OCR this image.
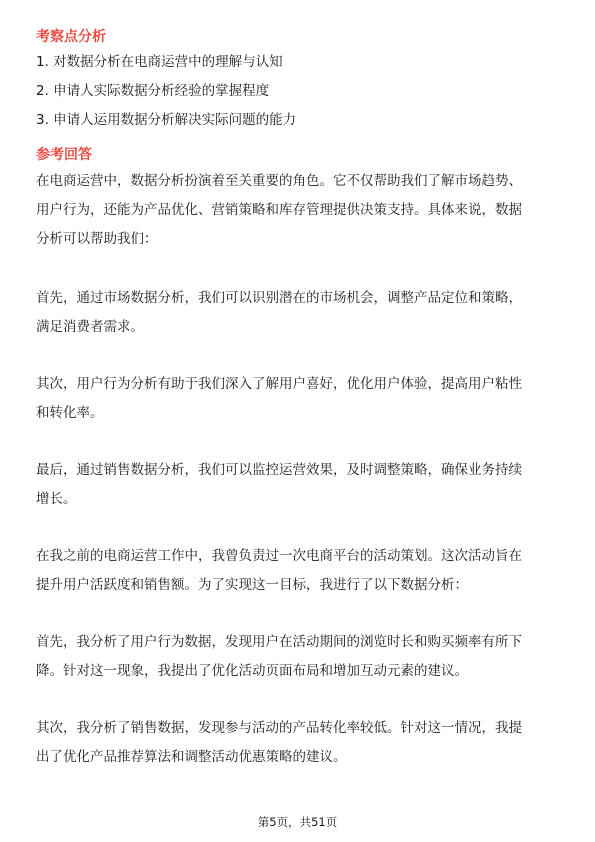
考察点分析

1. 对数据分析在电商运营中的理解与认知

2. 申请人实际数据分析经验的掌握程度

3. 申请人运用数据分析解决实际问题的能力

参考回答

在电商运营中，数据分析扮演着至关重要的角色。它不仅帮助我们了解市场趋势、

用户行为，还能为产品优化、营销策略和库存管理提供决策支持。具体来说，数据

分析可以帮助我们：

首先，通过市场数据分析，我们可以识别潜在的市场机会，调整产品定位和策略，

满足消费者需求。

其次，用户行为分析有助于我们深入了解用户喜好，优化用户体验，提高用户粘性

和转化率。

最后，通过销售数据分析，我们可以监控运营效果，及时调整策略，确保业务持续

增长。

在我之前的电商运营工作中，我曾负责过一次电商平台的活动策划。这次活动旨在

提升用户活跃度和销售额。为了实现这一目标，我进行了以下数据分析：

首先，我分析了用户行为数据，发现用户在活动期间的浏览时长和购买频率有所下

降。针对这一现象，我提出了优化活动页面布局和增加互动元素的建议。

其次，我分析了销售数据，发现参与活动的产品转化率较低。针对这一情况，我提

出了优化产品推荐算法和调整活动优惠策略的建议。

第5页，共51页
